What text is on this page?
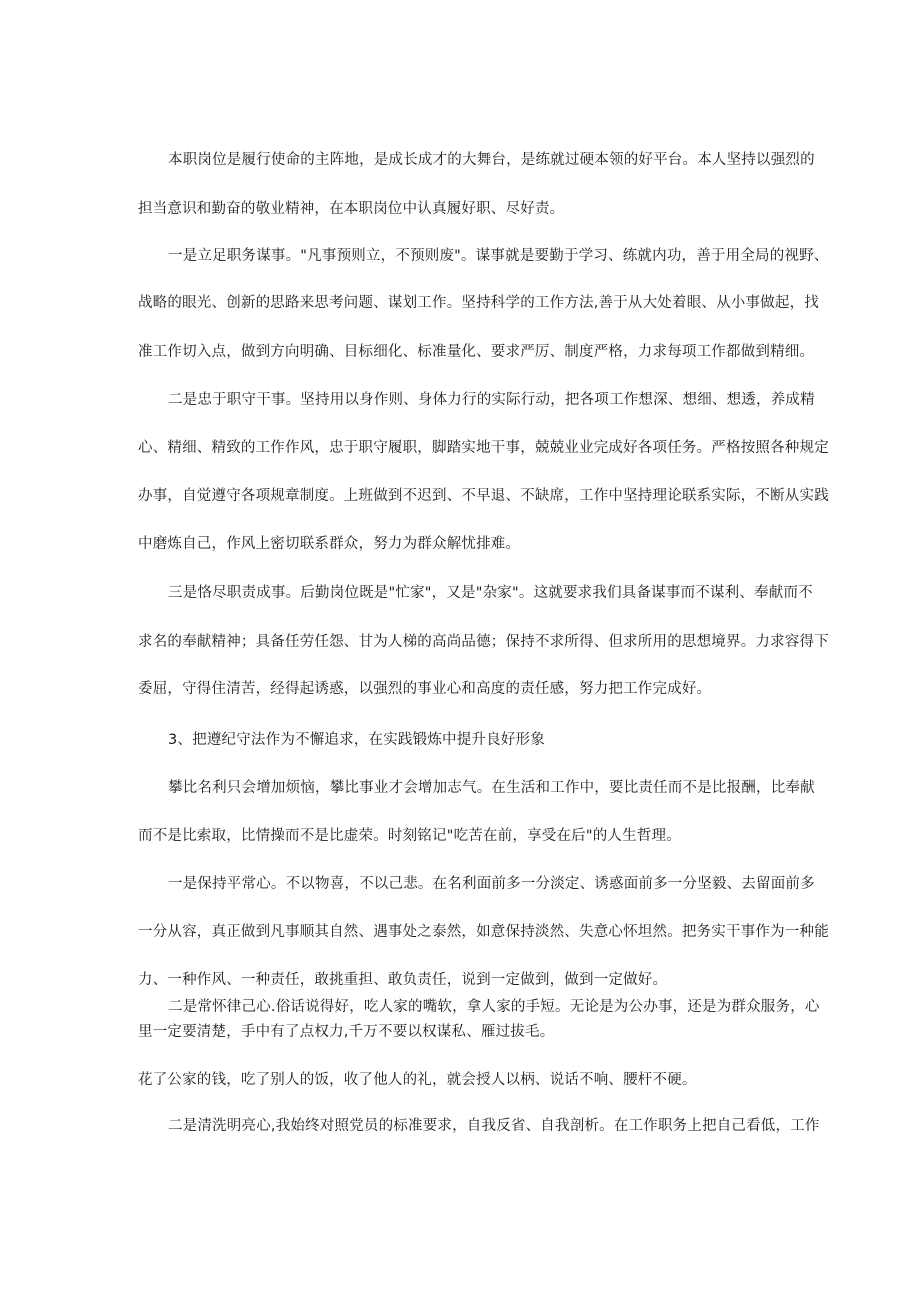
本职岗位是履行使命的主阵地，是成长成才的大舞台，是练就过硬本领的好平台。本人坚持以强烈的
担当意识和勤奋的敬业精神，在本职岗位中认真履好职、尽好责。
一是立足职务谋事。"凡事预则立，不预则废"。谋事就是要勤于学习、练就内功，善于用全局的视野、
战略的眼光、创新的思路来思考问题、谋划工作。坚持科学的工作方法,善于从大处着眼、从小事做起，找
准工作切入点，做到方向明确、目标细化、标准量化、要求严厉、制度严格，力求每项工作都做到精细。
二是忠于职守干事。坚持用以身作则、身体力行的实际行动，把各项工作想深、想细、想透，养成精
心、精细、精致的工作作风，忠于职守履职，脚踏实地干事，兢兢业业完成好各项任务。严格按照各种规定
办事，自觉遵守各项规章制度。上班做到不迟到、不早退、不缺席，工作中坚持理论联系实际，不断从实践
中磨炼自己，作风上密切联系群众，努力为群众解忧排难。
三是恪尽职责成事。后勤岗位既是"忙家"，又是"杂家"。这就要求我们具备谋事而不谋利、奉献而不
求名的奉献精神；具备任劳任怨、甘为人梯的高尚品德；保持不求所得、但求所用的思想境界。力求容得下
委屈，守得住清苦，经得起诱惑，以强烈的事业心和高度的责任感，努力把工作完成好。
3、把遵纪守法作为不懈追求，在实践锻炼中提升良好形象
攀比名利只会增加烦恼，攀比事业才会增加志气。在生活和工作中，要比责任而不是比报酬，比奉献
而不是比索取，比情操而不是比虚荣。时刻铭记"吃苦在前，享受在后"的人生哲理。
一是保持平常心。不以物喜，不以己悲。在名利面前多一分淡定、诱惑面前多一分坚毅、去留面前多
一分从容，真正做到凡事顺其自然、遇事处之泰然，如意保持淡然、失意心怀坦然。把务实干事作为一种能
力、一种作风、一种责任，敢挑重担、敢负责任，说到一定做到，做到一定做好。
二是常怀律己心.俗话说得好，吃人家的嘴软，拿人家的手短。无论是为公办事，还是为群众服务，心
里一定要清楚，手中有了点权力,千万不要以权谋私、雁过拔毛。
花了公家的钱，吃了别人的饭，收了他人的礼，就会授人以柄、说话不响、腰杆不硬。
二是清洗明亮心,我始终对照党员的标准要求，自我反省、自我剖析。在工作职务上把自己看低，工作
